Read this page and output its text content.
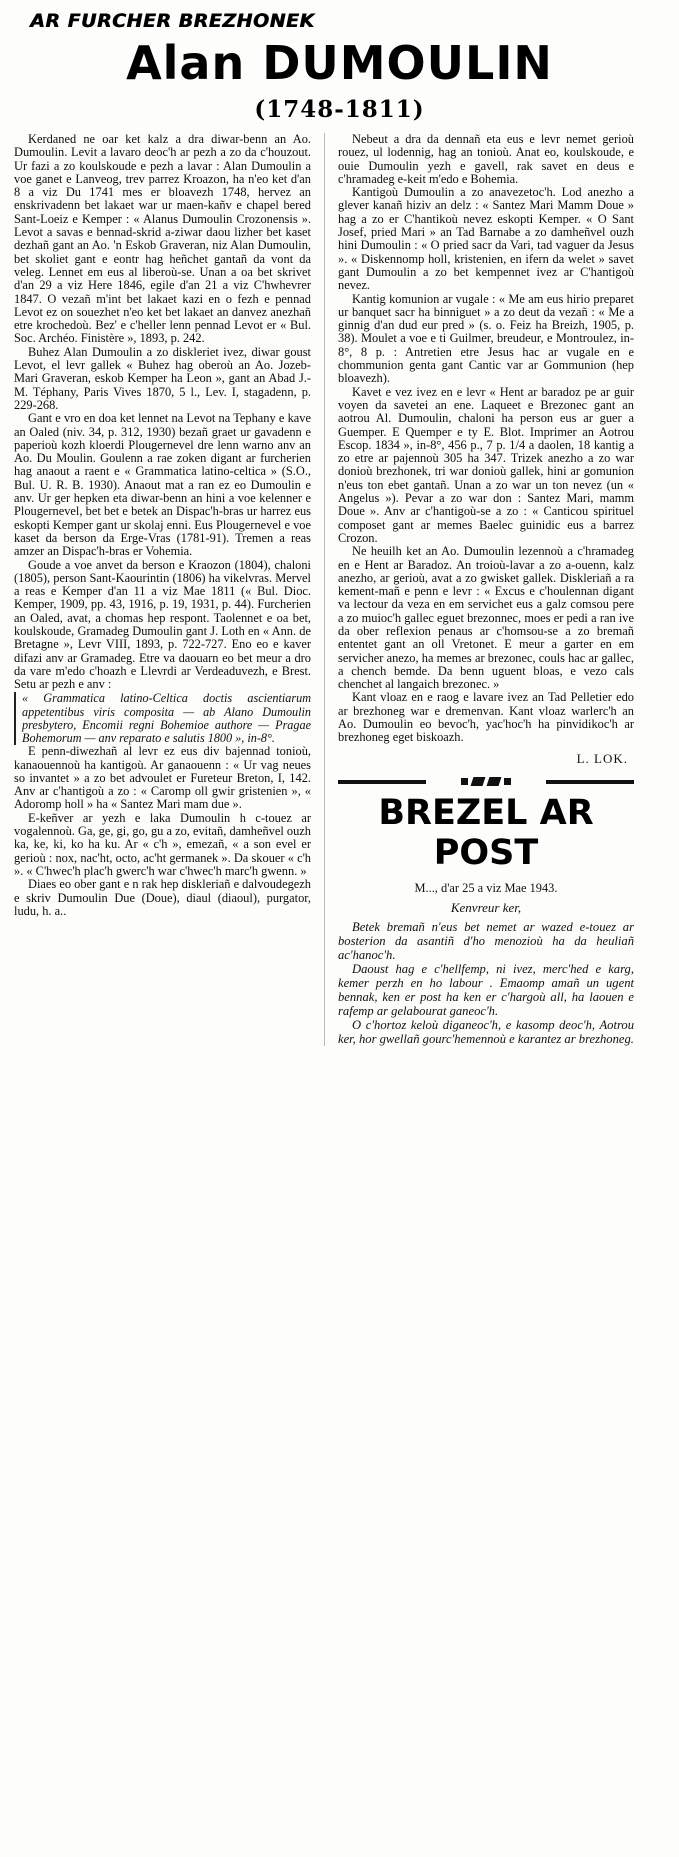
AR FURCHER BREZHONEK
Alan DUMOULIN
(1748-1811)

Kerdaned ne oar ket kalz a dra diwar-benn an Ao. Dumoulin. Levit a lavaro deoc'h ar pezh a zo da c'houzout. Ur fazi a zo koulskoude e pezh a lavar : Alan Dumoulin a voe ganet e Lanveog, trev parrez Kroazon, ha n'eo ket d'an 8 a viz Du 1741 mes er bloavezh 1748, hervez an enskrivadenn bet lakaet war ur maen-kañv e chapel bered Sant-Loeiz e Kemper : « Alanus Dumoulin Crozonensis ». Levot a savas e bennad-skrid a-ziwar daou lizher bet kaset dezhañ gant an Ao. 'n Eskob Graveran, niz Alan Dumoulin, bet skoliet gant e eontr hag heñchet gantañ da vont da veleg. Lennet em eus al liberoù-se. Unan a oa bet skrivet d'an 29 a viz Here 1846, egile d'an 21 a viz C'hwhevrer 1847. O vezañ m'int bet lakaet kazi en o fezh e pennad Levot ez on souezhet n'eo ket bet lakaet an danvez anezhañ etre krochedoù. Bez' e c'heller lenn pennad Levot er « Bul. Soc. Archéo. Finistère », 1893, p. 242.

Buhez Alan Dumoulin a zo diskleriet ivez, diwar goust Levot, el levr gallek « Buhez hag oberoù an Ao. Jozeb-Mari Graveran, eskob Kemper ha Leon », gant an Abad J.-M. Téphany, Paris Vives 1870, 5 l., Lev. I, stagadenn, p. 229-268.

Gant e vro en doa ket lennet na Levot na Tephany e kave an Oaled (niv. 34, p. 312, 1930) bezañ graet ur gavadenn e paperioù kozh kloerdi Plougernevel dre lenn warno anv an Ao. Du Moulin. Goulenn a rae zoken digant ar furcherien hag anaout a raent e « Grammatica latino-celtica » (S.O., Bul. U. R. B. 1930). Anaout mat a ran ez eo Dumoulin e anv. Ur ger hepken eta diwar-benn an hini a voe kelenner e Plougernevel, bet bet e betek an Dispac'h-bras ur harrez eus eskopti Kemper gant ur skolaj enni. Eus Plougernevel e voe kaset da berson da Erge-Vras (1781-91). Tremen a reas amzer an Dispac'h-bras er Vohemia.

Goude a voe anvet da berson e Kraozon (1804), chaloni (1805), person Sant-Kaourintin (1806) ha vikelvras. Mervel a reas e Kemper d'an 11 a viz Mae 1811 (« Bul. Dioc. Kemper, 1909, pp. 43, 1916, p. 19, 1931, p. 44). Furcherien an Oaled, avat, a chomas hep respont. Taolennet e oa bet, koulskoude, Gramadeg Dumoulin gant J. Loth en « Ann. de Bretagne », Levr VIII, 1893, p. 722-727. Eno eo e kaver difazi anv ar Gramadeg. Etre va daouarn eo bet meur a dro da vare m'edo c'hoazh e Llevrdi ar Verdeaduvezh, e Brest. Setu ar pezh e anv :

« Grammatica latino-Celtica doctis ascientiarum appetentibus viris composita — ab Alano Dumoulin presbytero, Encomii regni Bohemioe authore — Pragae Bohemorum — anv reparato e salutis 1800 », in-8°.

E penn-diwezhañ al levr ez eus div bajennad tonioù, kanaouennoù ha kantigoù. Ar ganaouenn : « Ur vag neues so invantet » a zo bet advoulet er Fureteur Breton, I, 142. Anv ar c'hantigoù a zo : « Caromp oll gwir gristenien », « Adoromp holl » ha « Santez Mari mam due ».

E-keñver ar yezh e laka Dumoulin h c-touez ar vogalennoù. Ga, ge, gi, go, gu a zo, evitañ, damheñvel ouzh ka, ke, ki, ko ha ku. Ar « c'h », emezañ, « a son evel er gerioù : nox, nac'ht, octo, ac'ht germanek ». Da skouer « c'h ». « C'hwec'h plac'h gwerc'h war c'hwec'h marc'h gwenn. »

Diaes eo ober gant e n rak hep diskleriañ e dalvoudegezh e skriv Dumoulin Due (Doue), diaul (diaoul), purgator, ludu, h. a..

Nebeut a dra da dennañ eta eus e levr nemet gerioù rouez, ul lodennig, hag an tonioù. Anat eo, koulskoude, e ouie Dumoulin yezh e gavell, rak savet en deus e c'hramadeg e-keit m'edo e Bohemia.

Kantigoù Dumoulin a zo anavezetoc'h. Lod anezho a glever kanañ hiziv an delz : « Santez Mari Mamm Doue » hag a zo er C'hantikoù nevez eskopti Kemper. « O Sant Josef, pried Mari » an Tad Barnabe a zo damheñvel ouzh hini Dumoulin : « O pried sacr da Vari, tad vaguer da Jesus ». « Diskennomp holl, kristenien, en ifern da welet » savet gant Dumoulin a zo bet kempennet ivez ar C'hantigoù nevez.

Kantig komunion ar vugale : « Me am eus hirio preparet ur banquet sacr ha binniguet » a zo deut da vezañ : « Me a ginnig d'an dud eur pred » (s. o. Feiz ha Breizh, 1905, p. 38). Moulet a voe e ti Guilmer, breudeur, e Montroulez, in-8°, 8 p. : Antretien etre Jesus hac ar vugale en e chommunion genta gant Cantic var ar Gommunion (hep bloavezh).

Kavet e vez ivez en e levr « Hent ar baradoz pe ar guir voyen da savetei an ene. Laqueet e Brezonec gant an aotrou Al. Dumoulin, chaloni ha person eus ar guer a Guemper. E Quemper e ty E. Blot. Imprimer an Aotrou Escop. 1834 », in-8°, 456 p., 7 p. 1/4 a daolen, 18 kantig a zo etre ar pajennoù 305 ha 347. Trizek anezho a zo war donioù brezhonek, tri war donioù gallek, hini ar gomunion n'eus ton ebet gantañ. Unan a zo war un ton nevez (un « Angelus »). Pevar a zo war don : Santez Mari, mamm Doue ». Anv ar c'hantigoù-se a zo : « Canticou spirituel composet gant ar memes Baelec guinidic eus a barrez Crozon.

Ne heuilh ket an Ao. Dumoulin lezennoù a c'hramadeg en e Hent ar Baradoz. An troioù-lavar a zo a-ouenn, kalz anezho, ar gerioù, avat a zo gwisket gallek. Diskleriañ a ra kement-mañ e penn e levr : « Excus e c'houlennan digant va lectour da veza en em servichet eus a galz comsou pere a zo muioc'h gallec eguet brezonnec, moes er pedi a ran ive da ober reflexion penaus ar c'homsou-se a zo bremañ ententet gant an oll Vretonet. E meur a garter en em servicher anezo, ha memes ar brezonec, couls hac ar gallec, a chench bemde. Da benn uguent bloas, e vezo cals chenchet al langaich brezonec. »

Kant vloaz en e raog e lavare ivez an Tad Pelletier edo ar brezhoneg war e dremenvan. Kant vloaz warlerc'h an Ao. Dumoulin eo bevoc'h, yac'hoc'h ha pinvidikoc'h ar brezhoneg eget biskoazh.

L. LOK.
BREZEL AR POST
M..., d'ar 25 a viz Mae 1943.
Kenvreur ker,

Betek bremañ n'eus bet nemet ar wazed e-touez ar bosterion da asantiñ d'ho menozioù ha da heuliañ ac'hanoc'h.

Daoust hag e c'hellfemp, ni ivez, merc'hed e karg, kemer perzh en ho labour . Emaomp amañ un ugent bennak, ken er post ha ken er c'hargoù all, ha laouen e rafemp ar gelabourat ganeoc'h.

O c'hortoz keloù diganeoc'h, e kasomp deoc'h, Aotrou ker, hor gwellañ gourc'hemennoù e karantez ar brezhoneg.
